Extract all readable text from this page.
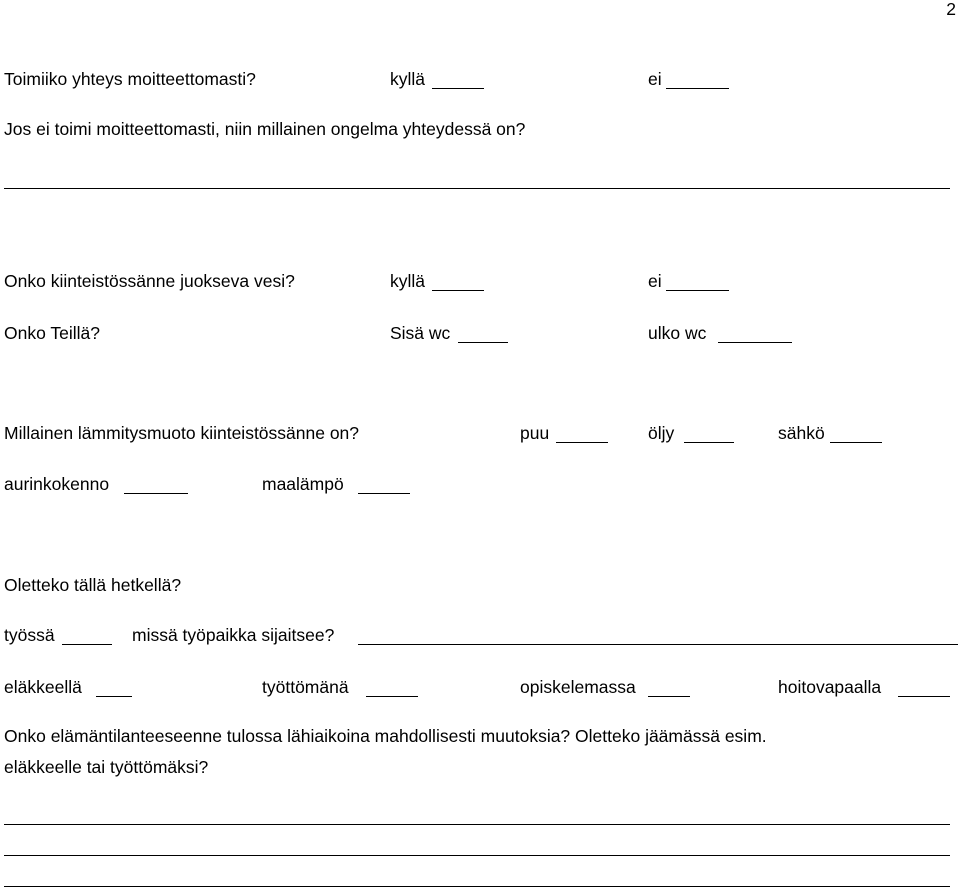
2
Toimiiko yhteys moitteettomasti?	kyllä	ei
Jos ei toimi moitteettomasti, niin millainen ongelma yhteydessä on?
Onko kiinteistössänne juokseva vesi?	kyllä	ei
Onko Teillä?	Sisä wc	ulko wc
Millainen lämmitysmuoto kiinteistössänne on?	puu	öljy	sähkö
aurinkokenno	maalämpö
Oletteko tällä hetkellä?
työssä	missä työpaikka sijaitsee?
eläkkeellä	työttömänä	opiskelemassa	hoitovapaalla
Onko elämäntilanteeseenne tulossa lähiaikoina mahdollisesti muutoksia? Oletteko jäämässä esim.
eläkkeelle tai työttömäksi?
